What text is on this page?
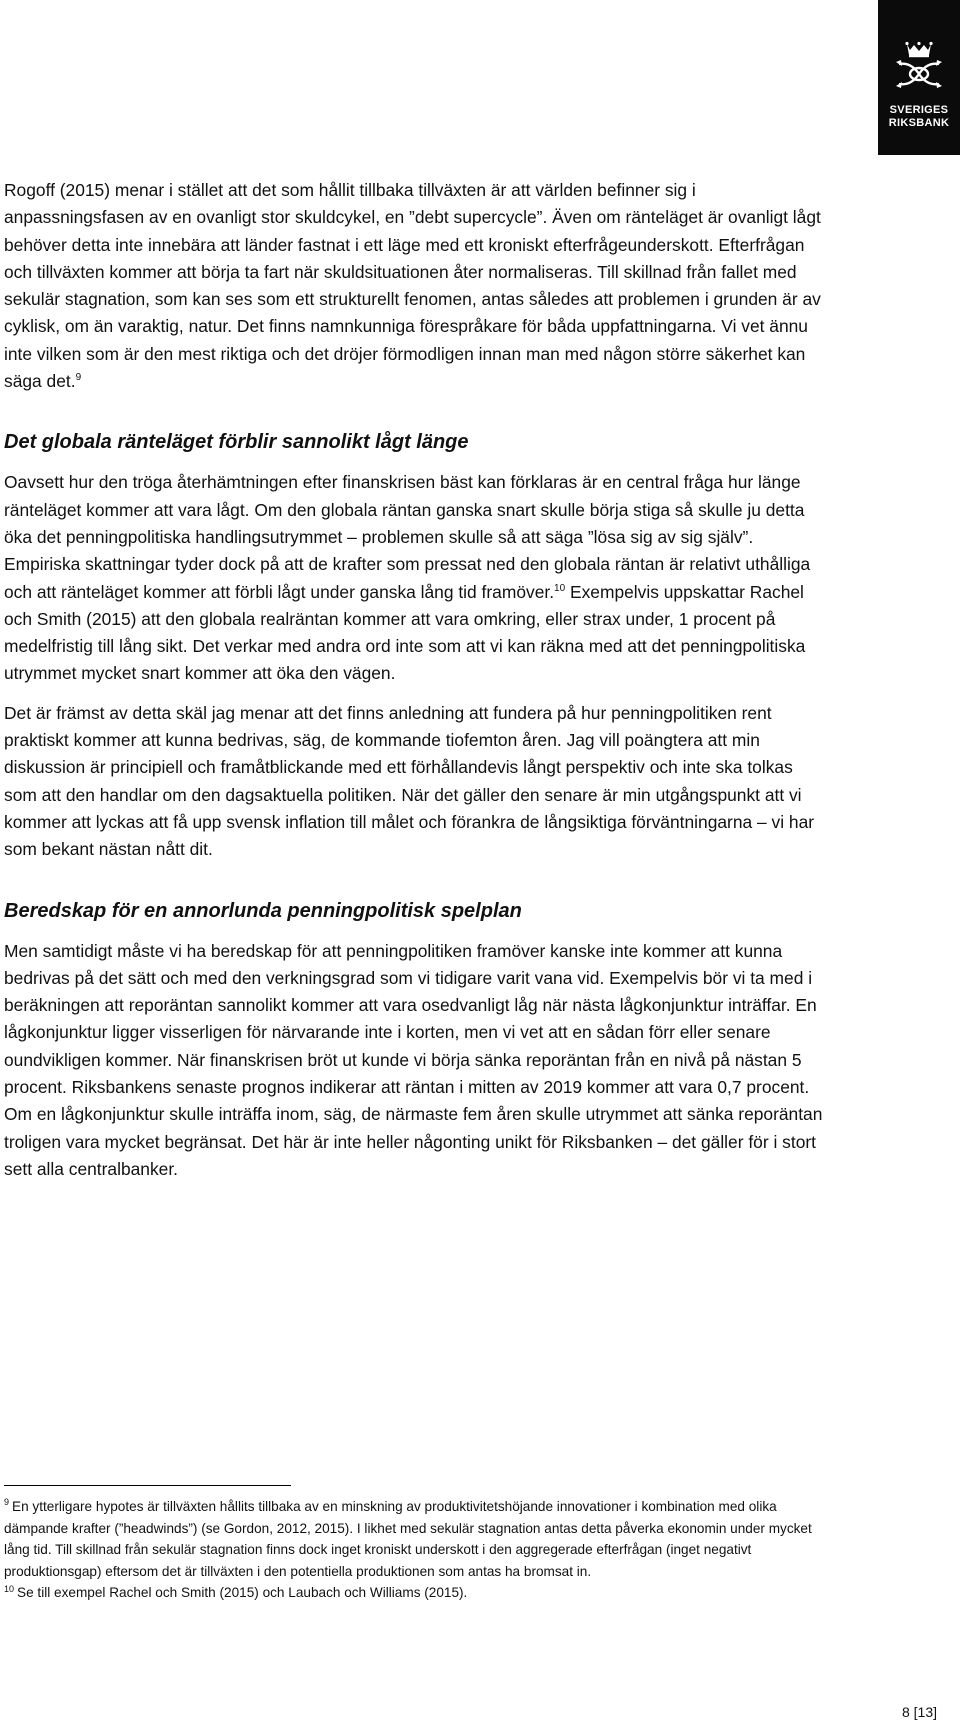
SVERIGES
RIKSBANK

Rogoff (2015) menar i stället att det som hållit tillbaka tillväxten är att världen befinner sig i anpassningsfasen av en ovanligt stor skuldcykel, en ”debt supercycle”. Även om ränteläget är ovanligt lågt behöver detta inte innebära att länder fastnat i ett läge med ett kroniskt efterfrågeunderskott. Efterfrågan och tillväxten kommer att börja ta fart när skuldsituationen åter normaliseras. Till skillnad från fallet med sekulär stagnation, som kan ses som ett strukturellt fenomen, antas således att problemen i grunden är av cyklisk, om än varaktig, natur. Det finns namnkunniga förespråkare för båda uppfattningarna. Vi vet ännu inte vilken som är den mest riktiga och det dröjer förmodligen innan man med någon större säkerhet kan säga det.$^9$

Det globala ränteläget förblir sannolikt lågt länge

Oavsett hur den tröga återhämtningen efter finanskrisen bäst kan förklaras är en central fråga hur länge ränteläget kommer att vara lågt. Om den globala räntan ganska snart skulle börja stiga så skulle ju detta öka det penningpolitiska handlingsutrymmet – problemen skulle så att säga ”lösa sig av sig själv”. Empiriska skattningar tyder dock på att de krafter som pressat ned den globala räntan är relativt uthålliga och att ränteläget kommer att förbli lågt under ganska lång tid framöver.$^{10}$ Exempelvis uppskattar Rachel och Smith (2015) att den globala realräntan kommer att vara omkring, eller strax under, 1 procent på medelfristig till lång sikt. Det verkar med andra ord inte som att vi kan räkna med att det penningpolitiska utrymmet mycket snart kommer att öka den vägen.

Det är främst av detta skäl jag menar att det finns anledning att fundera på hur penningpolitiken rent praktiskt kommer att kunna bedrivas, säg, de kommande tiofemton åren. Jag vill poängtera att min diskussion är principiell och framåtblickande med ett förhållandevis långt perspektiv och inte ska tolkas som att den handlar om den dagsaktuella politiken. När det gäller den senare är min utgångspunkt att vi kommer att lyckas att få upp svensk inflation till målet och förankra de långsiktiga förväntningarna – vi har som bekant nästan nått dit.

Beredskap för en annorlunda penningpolitisk spelplan

Men samtidigt måste vi ha beredskap för att penningpolitiken framöver kanske inte kommer att kunna bedrivas på det sätt och med den verkningsgrad som vi tidigare varit vana vid. Exempelvis bör vi ta med i beräkningen att reporäntan sannolikt kommer att vara osedvanligt låg när nästa lågkonjunktur inträffar. En lågkonjunktur ligger visserligen för närvarande inte i korten, men vi vet att en sådan förr eller senare oundvikligen kommer. När finanskrisen bröt ut kunde vi börja sänka reporäntan från en nivå på nästan 5 procent. Riksbankens senaste prognos indikerar att räntan i mitten av 2019 kommer att vara 0,7 procent. Om en lågkonjunktur skulle inträffa inom, säg, de närmaste fem åren skulle utrymmet att sänka reporäntan troligen vara mycket begränsat. Det här är inte heller någonting unikt för Riksbanken – det gäller för i stort sett alla centralbanker.

$^9$ En ytterligare hypotes är tillväxten hållits tillbaka av en minskning av produktivitetshöjande innovationer i kombination med olika dämpande krafter (”headwinds”) (se Gordon, 2012, 2015). I likhet med sekulär stagnation antas detta påverka ekonomin under mycket lång tid. Till skillnad från sekulär stagnation finns dock inget kroniskt underskott i den aggregerade efterfrågan (inget negativt produktionsgap) eftersom det är tillväxten i den potentiella produktionen som antas ha bromsat in.

$^{10}$ Se till exempel Rachel och Smith (2015) och Laubach och Williams (2015).

8 [13]
